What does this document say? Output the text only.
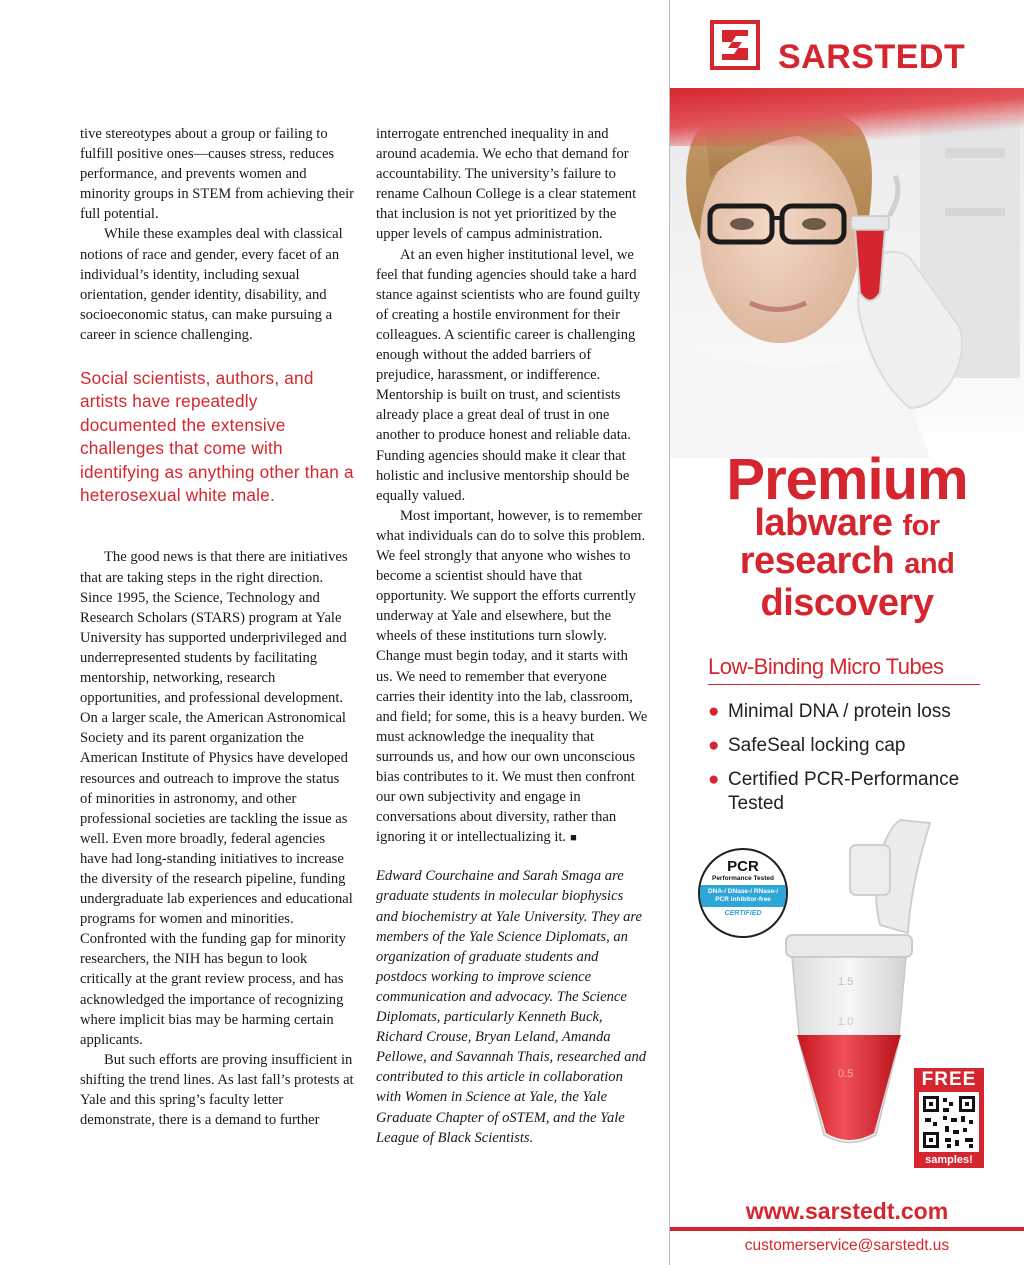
tive stereotypes about a group or failing to fulfill positive ones—causes stress, reduces performance, and prevents women and minority groups in STEM from achieving their full potential.

While these examples deal with classical notions of race and gender, every facet of an individual’s identity, including sexual orientation, gender identity, disability, and socioeconomic status, can make pursuing a career in science challenging.

Social scientists, authors, and artists have repeatedly documented the extensive challenges that come with identifying as anything other than a heterosexual white male.

The good news is that there are initiatives that are taking steps in the right direction. Since 1995, the Science, Technology and Research Scholars (STARS) program at Yale University has supported underprivileged and underrepresented students by facilitating mentorship, networking, research opportunities, and professional development. On a larger scale, the American Astronomical Society and its parent organization the American Institute of Physics have developed resources and outreach to improve the status of minorities in astronomy, and other professional societies are tackling the issue as well. Even more broadly, federal agencies have had long-standing initiatives to increase the diversity of the research pipeline, funding undergraduate lab experiences and educational programs for women and minorities. Confronted with the funding gap for minority researchers, the NIH has begun to look critically at the grant review process, and has acknowledged the importance of recognizing where implicit bias may be harming certain applicants.

But such efforts are proving insufficient in shifting the trend lines. As last fall’s protests at Yale and this spring’s faculty letter demonstrate, there is a demand to further

interrogate entrenched inequality in and around academia. We echo that demand for accountability. The university’s failure to rename Calhoun College is a clear statement that inclusion is not yet prioritized by the upper levels of campus administration.

At an even higher institutional level, we feel that funding agencies should take a hard stance against scientists who are found guilty of creating a hostile environment for their colleagues. A scientific career is challenging enough without the added barriers of prejudice, harassment, or indifference. Mentorship is built on trust, and scientists already place a great deal of trust in one another to produce honest and reliable data. Funding agencies should make it clear that holistic and inclusive mentorship should be equally valued.

Most important, however, is to remember what individuals can do to solve this problem. We feel strongly that anyone who wishes to become a scientist should have that opportunity. We support the efforts currently underway at Yale and elsewhere, but the wheels of these institutions turn slowly. Change must begin today, and it starts with us. We need to remember that everyone carries their identity into the lab, classroom, and field; for some, this is a heavy burden. We must acknowledge the inequality that surrounds us, and how our own unconscious bias contributes to it. We must then confront our own subjectivity and engage in conversations about diversity, rather than ignoring it or intellectualizing it. ■

Edward Courchaine and Sarah Smaga are graduate students in molecular biophysics and biochemistry at Yale University. They are members of the Yale Science Diplomats, an organization of graduate students and postdocs working to improve science communication and advocacy. The Science Diplomats, particularly Kenneth Buck, Richard Crouse, Bryan Leland, Amanda Pellowe, and Savannah Thais, researched and contributed to this article in collaboration with Women in Science at Yale, the Yale Graduate Chapter of oSTEM, and the Yale League of Black Scientists.

SARSTEDT
Premium
labware for
research and
discovery
Low-Binding Micro Tubes
● Minimal DNA / protein loss
● SafeSeal locking cap
● Certified PCR-Performance Tested
1.5
1.0
0.5
PCR
Performance Tested
DNA-/ DNase-/ RNase-/ PCR inhibitor-free
CERTIFIED
FREE
samples!
www.sarstedt.com
customerservice@sarstedt.us
